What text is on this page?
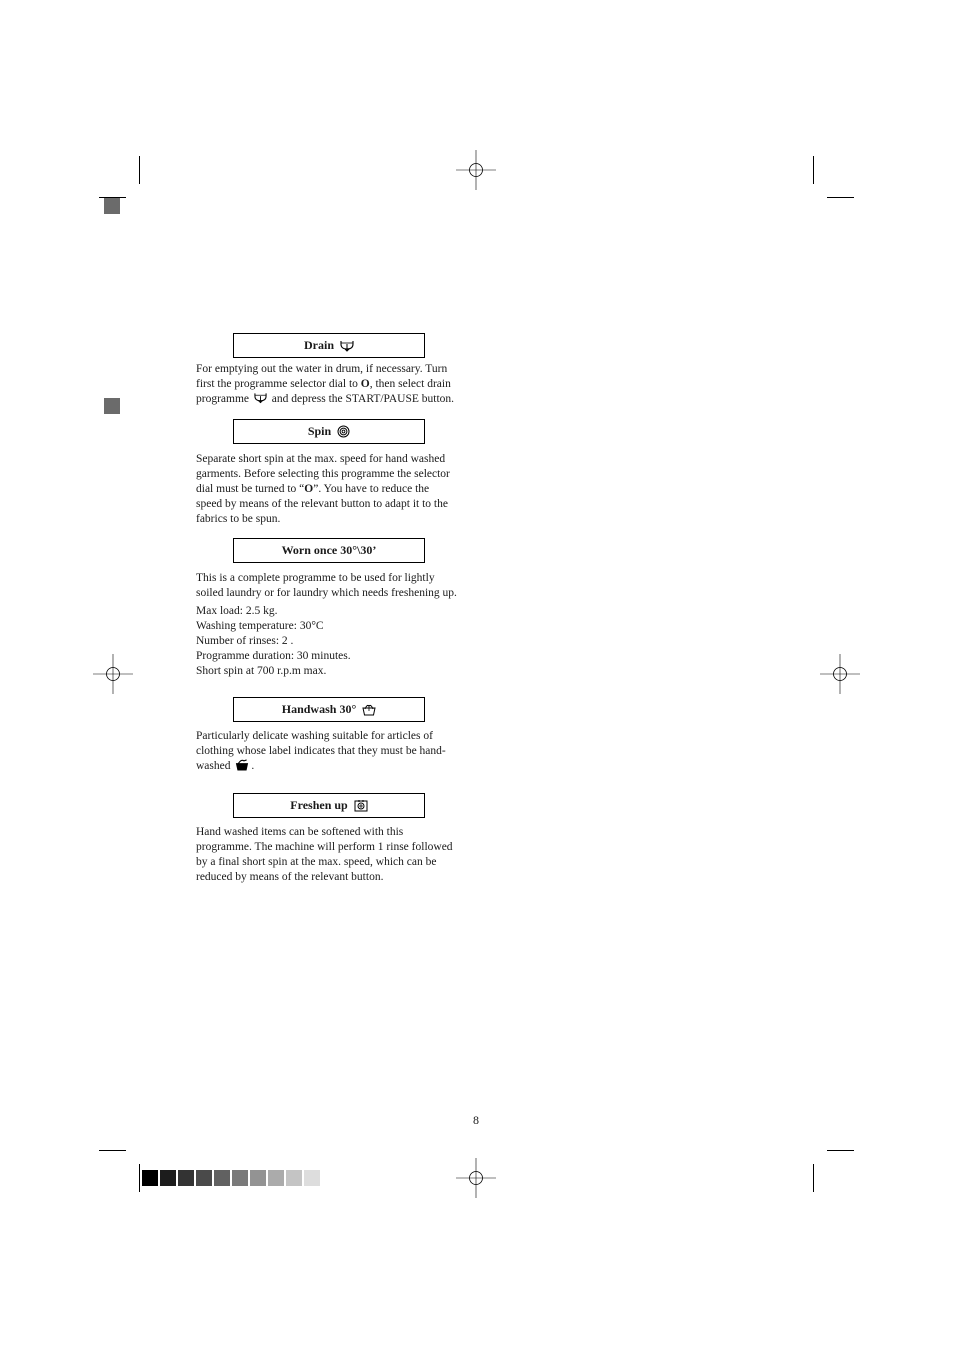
Drain
For emptying out the water in drum, if necessary. Turn
first the programme selector dial to O, then select drain
programme  and depress the START/PAUSE button.
Spin
Separate short spin at the max. speed for hand washed
garments. Before selecting this programme the selector
dial must be turned to “O”. You have to reduce the
speed by means of the relevant button to adapt it to the
fabrics to be spun.
Worn once 30°\30’
This is a complete programme to be used for lightly
soiled laundry or for laundry which needs freshening up.
Max load: 2.5 kg.
Washing temperature: 30°C
Number of rinses: 2 .
Programme duration: 30 minutes.
Short spin at 700 r.p.m max.
Handwash 30°
Particularly delicate washing suitable for articles of
clothing whose label indicates that they must be hand-
washed .
Freshen up
Hand washed items can be softened with this
programme. The machine will perform 1 rinse followed
by a final short spin at the max. speed, which can be
reduced by means of the relevant button.
8
